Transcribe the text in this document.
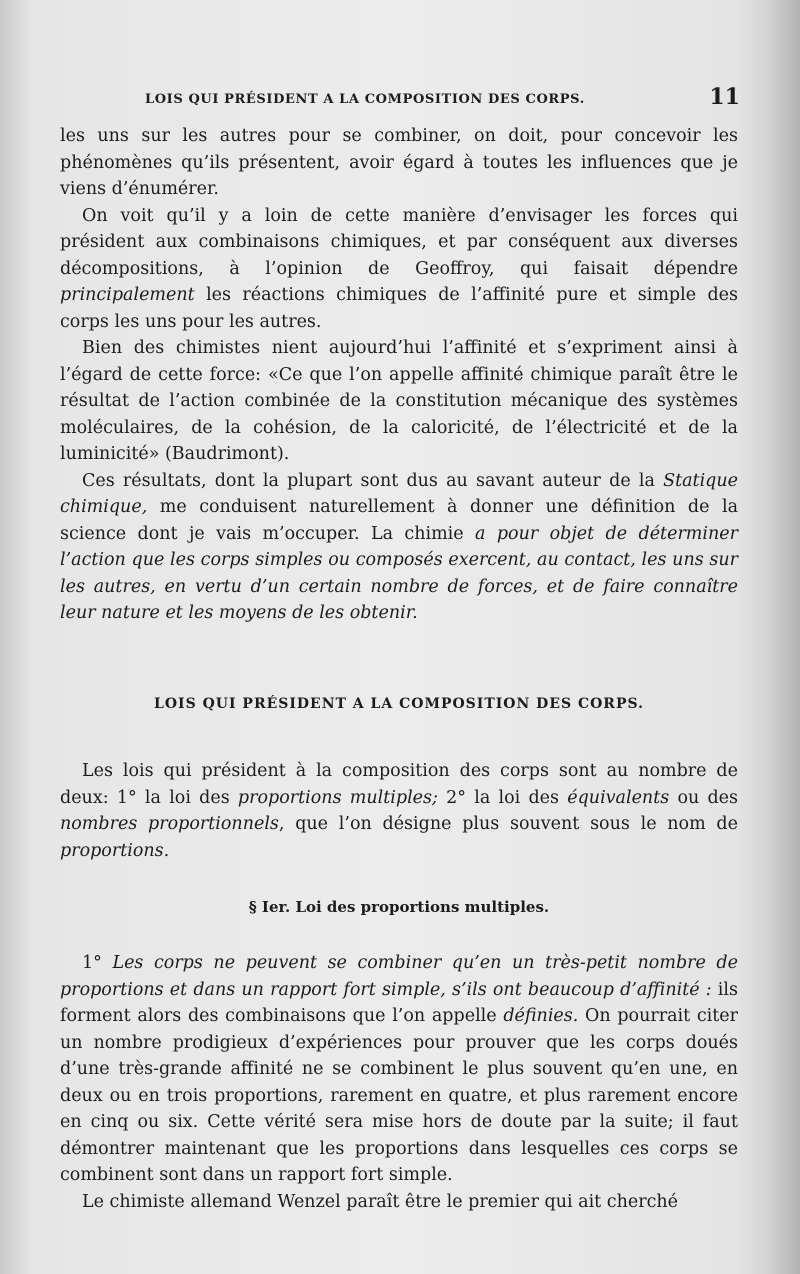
LOIS QUI PRÉSIDENT A LA COMPOSITION DES CORPS.	11

les uns sur les autres pour se combiner, on doit, pour concevoir les phénomènes qu’ils présentent, avoir égard à toutes les influences que je viens d’énumérer.

On voit qu’il y a loin de cette manière d’envisager les forces qui président aux combinaisons chimiques, et par conséquent aux diverses décompositions, à l’opinion de Geoffroy, qui faisait dépendre principalement les réactions chimiques de l’affinité pure et simple des corps les uns pour les autres.

Bien des chimistes nient aujourd’hui l’affinité et s’expriment ainsi à l’égard de cette force: «Ce que l’on appelle affinité chimique paraît être le résultat de l’action combinée de la constitution mécanique des systèmes moléculaires, de la cohésion, de la caloricité, de l’électricité et de la luminicité» (Baudrimont).

Ces résultats, dont la plupart sont dus au savant auteur de la Statique chimique, me conduisent naturellement à donner une définition de la science dont je vais m’occuper. La chimie a pour objet de déterminer l’action que les corps simples ou composés exercent, au contact, les uns sur les autres, en vertu d’un certain nombre de forces, et de faire connaître leur nature et les moyens de les obtenir.

LOIS QUI PRÉSIDENT A LA COMPOSITION DES CORPS.

Les lois qui président à la composition des corps sont au nombre de deux: 1° la loi des proportions multiples; 2° la loi des équivalents ou des nombres proportionnels, que l’on désigne plus souvent sous le nom de proportions.

§ Ier. Loi des proportions multiples.

1° Les corps ne peuvent se combiner qu’en un très-petit nombre de proportions et dans un rapport fort simple, s’ils ont beaucoup d’affinité : ils forment alors des combinaisons que l’on appelle définies. On pourrait citer un nombre prodigieux d’expériences pour prouver que les corps doués d’une très-grande affinité ne se combinent le plus souvent qu’en une, en deux ou en trois proportions, rarement en quatre, et plus rarement encore en cinq ou six. Cette vérité sera mise hors de doute par la suite; il faut démontrer maintenant que les proportions dans lesquelles ces corps se combinent sont dans un rapport fort simple.

Le chimiste allemand Wenzel paraît être le premier qui ait cherché
